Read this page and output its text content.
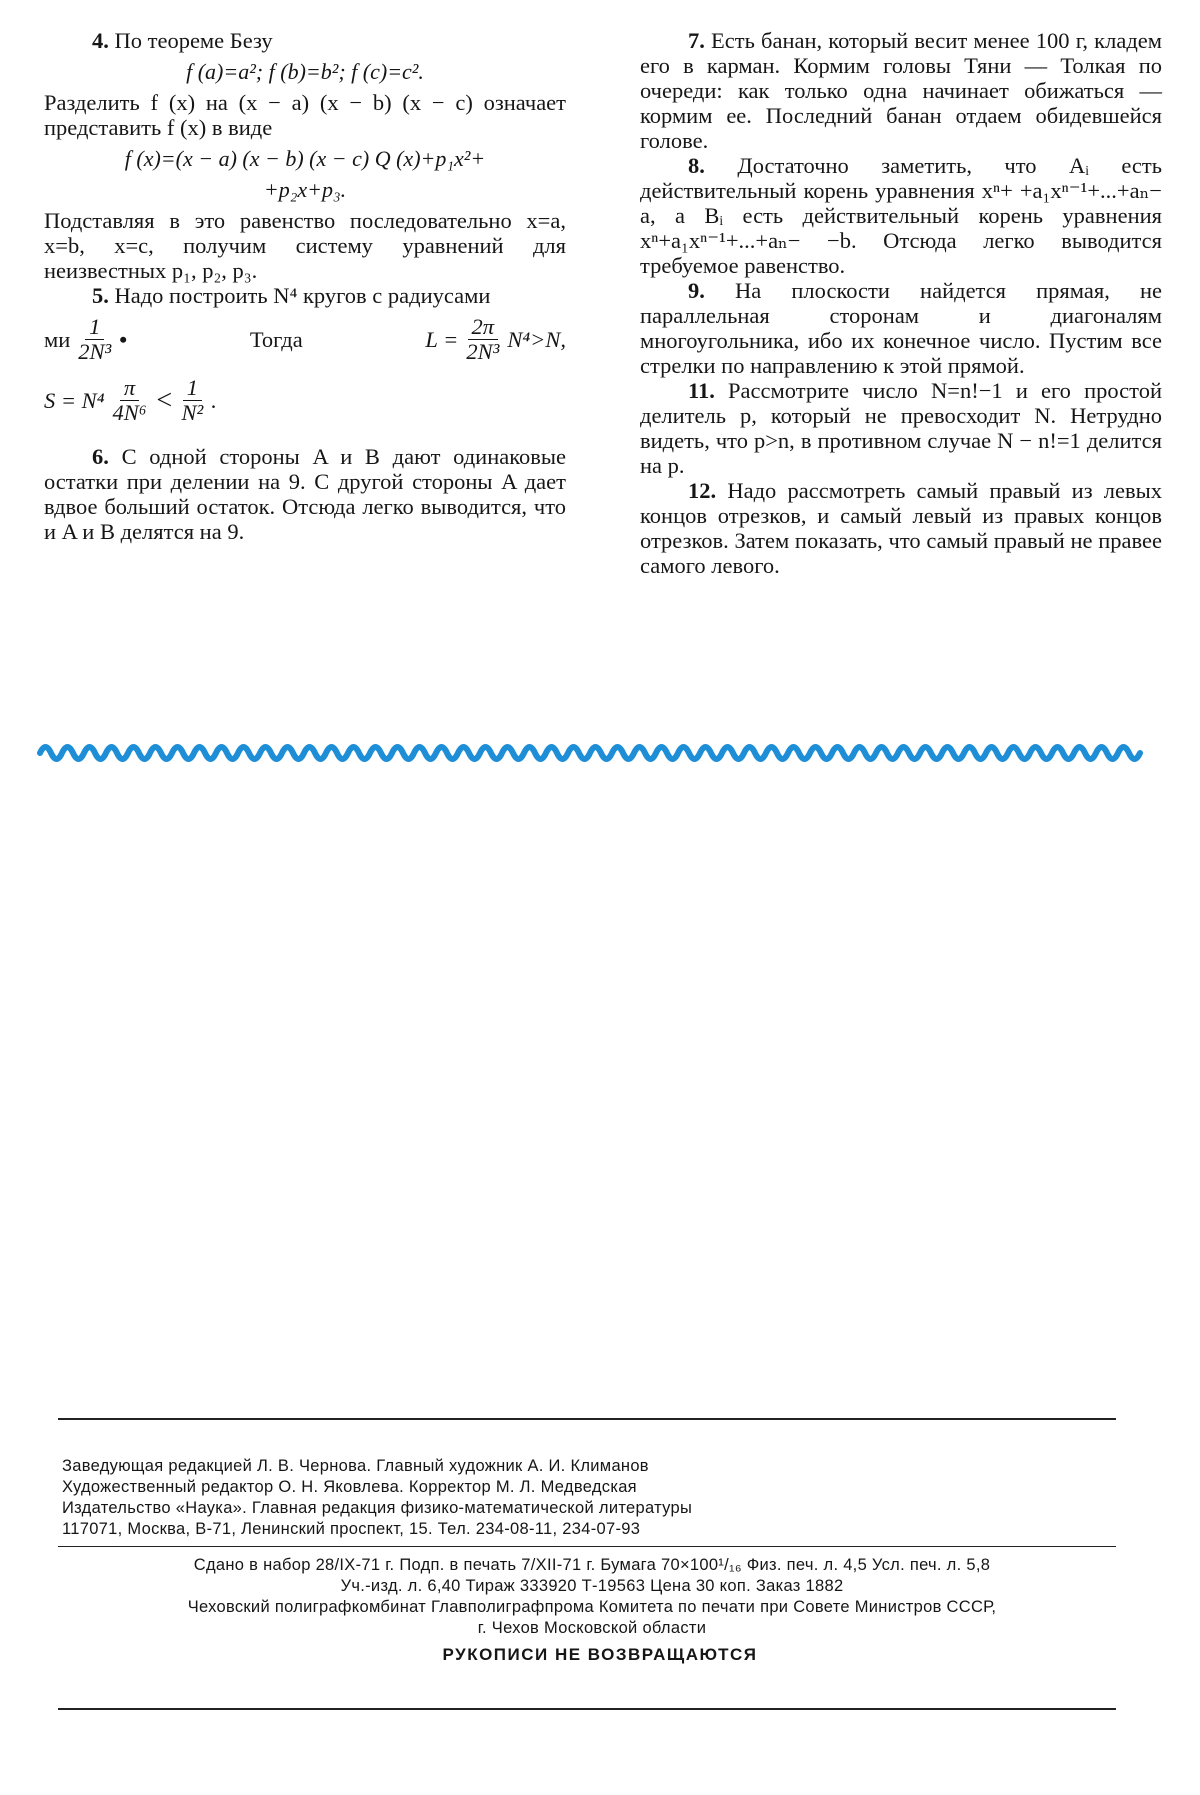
4. По теореме Безу

f (a)=a²; f (b)=b²; f (c)=c².

Разделить f (x) на (x − a) (x − b) (x − c) означает представить f (x) в виде

f (x)=(x − a) (x − b) (x − c) Q (x)+p₁x²+

+p₂x+p₃.

Подставляя в это равенство последовательно x=a, x=b, x=c, получим систему уравнений для неизвестных p₁, p₂, p₃.

5. Надо построить N⁴ кругов с радиусами

ми $\frac{1}{\text{2N³}}$ •	Тогда	$L = \frac{2\pi}{\text{2N³}} N^4>N$,
$S = N^4 \frac{\pi}{\text{4N⁶}} < \frac{1}{\text{N²}}$ .

6. С одной стороны A и B дают одинаковые остатки при делении на 9. С другой стороны A дает вдвое больший остаток. Отсюда легко выводится, что и A и B делятся на 9.

7. Есть банан, который весит менее 100 г, кладем его в карман. Кормим головы Тяни — Толкая по очереди: как только одна начинает обижаться — кормим ее. Последний банан отдаем обидевшейся голове.

8. Достаточно заметить, что Aᵢ есть действительный корень уравнения xⁿ+ +a₁xⁿ⁻¹+...+aₙ− a, а Bᵢ есть действительный корень уравнения xⁿ+a₁xⁿ⁻¹+...+aₙ− −b. Отсюда легко выводится требуемое равенство.

9. На плоскости найдется прямая, не параллельная сторонам и диагоналям многоугольника, ибо их конечное число. Пустим все стрелки по направлению к этой прямой.

11. Рассмотрите число N=n!−1 и его простой делитель p, который не превосходит N. Нетрудно видеть, что p>n, в противном случае N − n!=1 делится на p.

12. Надо рассмотреть самый правый из левых концов отрезков, и самый левый из правых концов отрезков. Затем показать, что самый правый не правее самого левого.

Заведующая редакцией Л. В. Чернова. Главный художник А. И. Климанов

Художественный редактор О. Н. Яковлева. Корректор М. Л. Медведская

Издательство «Наука». Главная редакция физико-математической литературы

117071, Москва, В-71, Ленинский проспект, 15. Тел. 234-08-11, 234-07-93

Сдано в набор 28/IX-71 г. Подп. в печать 7/XII-71 г. Бумага 70×100¹/₁₆ Физ. печ. л. 4,5 Усл. печ. л. 5,8

Уч.-изд. л. 6,40 Тираж 333920 Т-19563 Цена 30 коп. Заказ 1882

Чеховский полиграфкомбинат Главполиграфпрома Комитета по печати при Совете Министров СССР,

г. Чехов Московской области

РУКОПИСИ НЕ ВОЗВРАЩАЮТСЯ
